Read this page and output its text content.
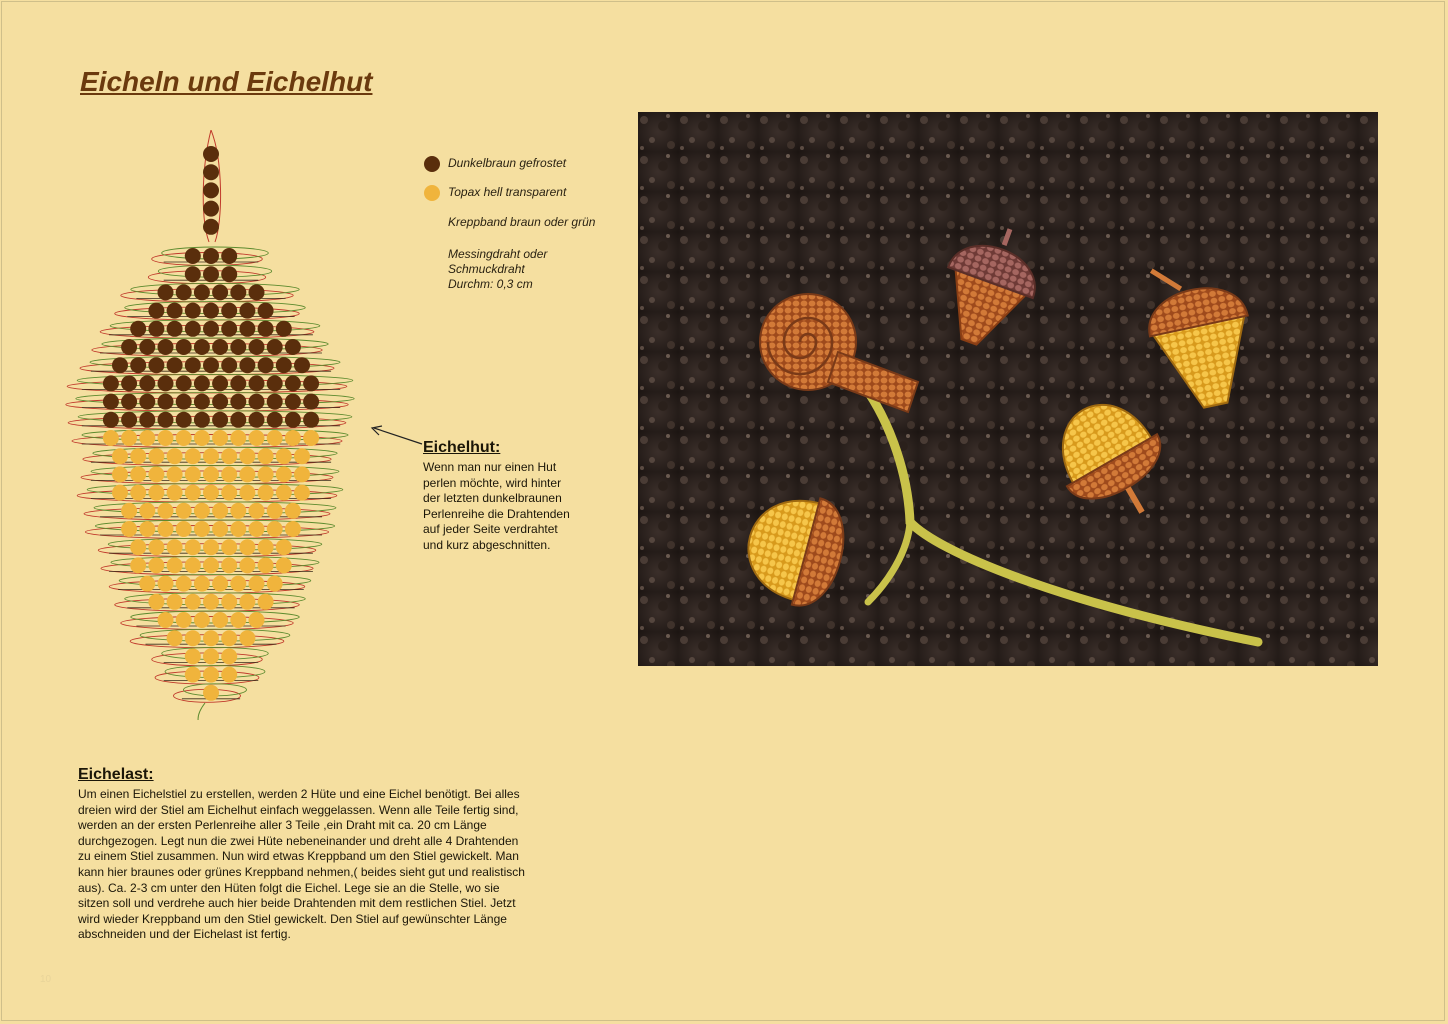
Eicheln und Eichelhut
Dunkelbraun gefrostet
Topax hell transparent
Kreppband braun oder grün
Messingdraht oder
Schmuckdraht
Durchm: 0,3 cm
Eichelhut:
Wenn man nur einen Hut
perlen möchte, wird hinter
der letzten dunkelbraunen
Perlenreihe die Drahtenden
auf jeder Seite verdrahtet
und kurz abgeschnitten.
Eichelast:
Um einen Eichelstiel zu erstellen, werden 2 Hüte und eine Eichel benötigt. Bei alles
dreien wird der Stiel am Eichelhut einfach weggelassen. Wenn alle Teile fertig sind,
werden an der ersten Perlenreihe aller 3 Teile ,ein Draht mit ca. 20 cm Länge
durchgezogen. Legt nun die zwei Hüte nebeneinander und dreht alle 4 Drahtenden
zu einem Stiel zusammen. Nun wird etwas Kreppband um den Stiel gewickelt. Man
kann hier braunes oder grünes Kreppband nehmen,( beides sieht gut und realistisch
aus). Ca. 2-3 cm unter den Hüten folgt die Eichel. Lege sie an die Stelle, wo sie
sitzen soll und verdrehe auch hier beide Drahtenden mit dem restlichen Stiel. Jetzt
wird wieder Kreppband um den Stiel gewickelt. Den Stiel auf gewünschter Länge
abschneiden und der Eichelast ist fertig.
10
